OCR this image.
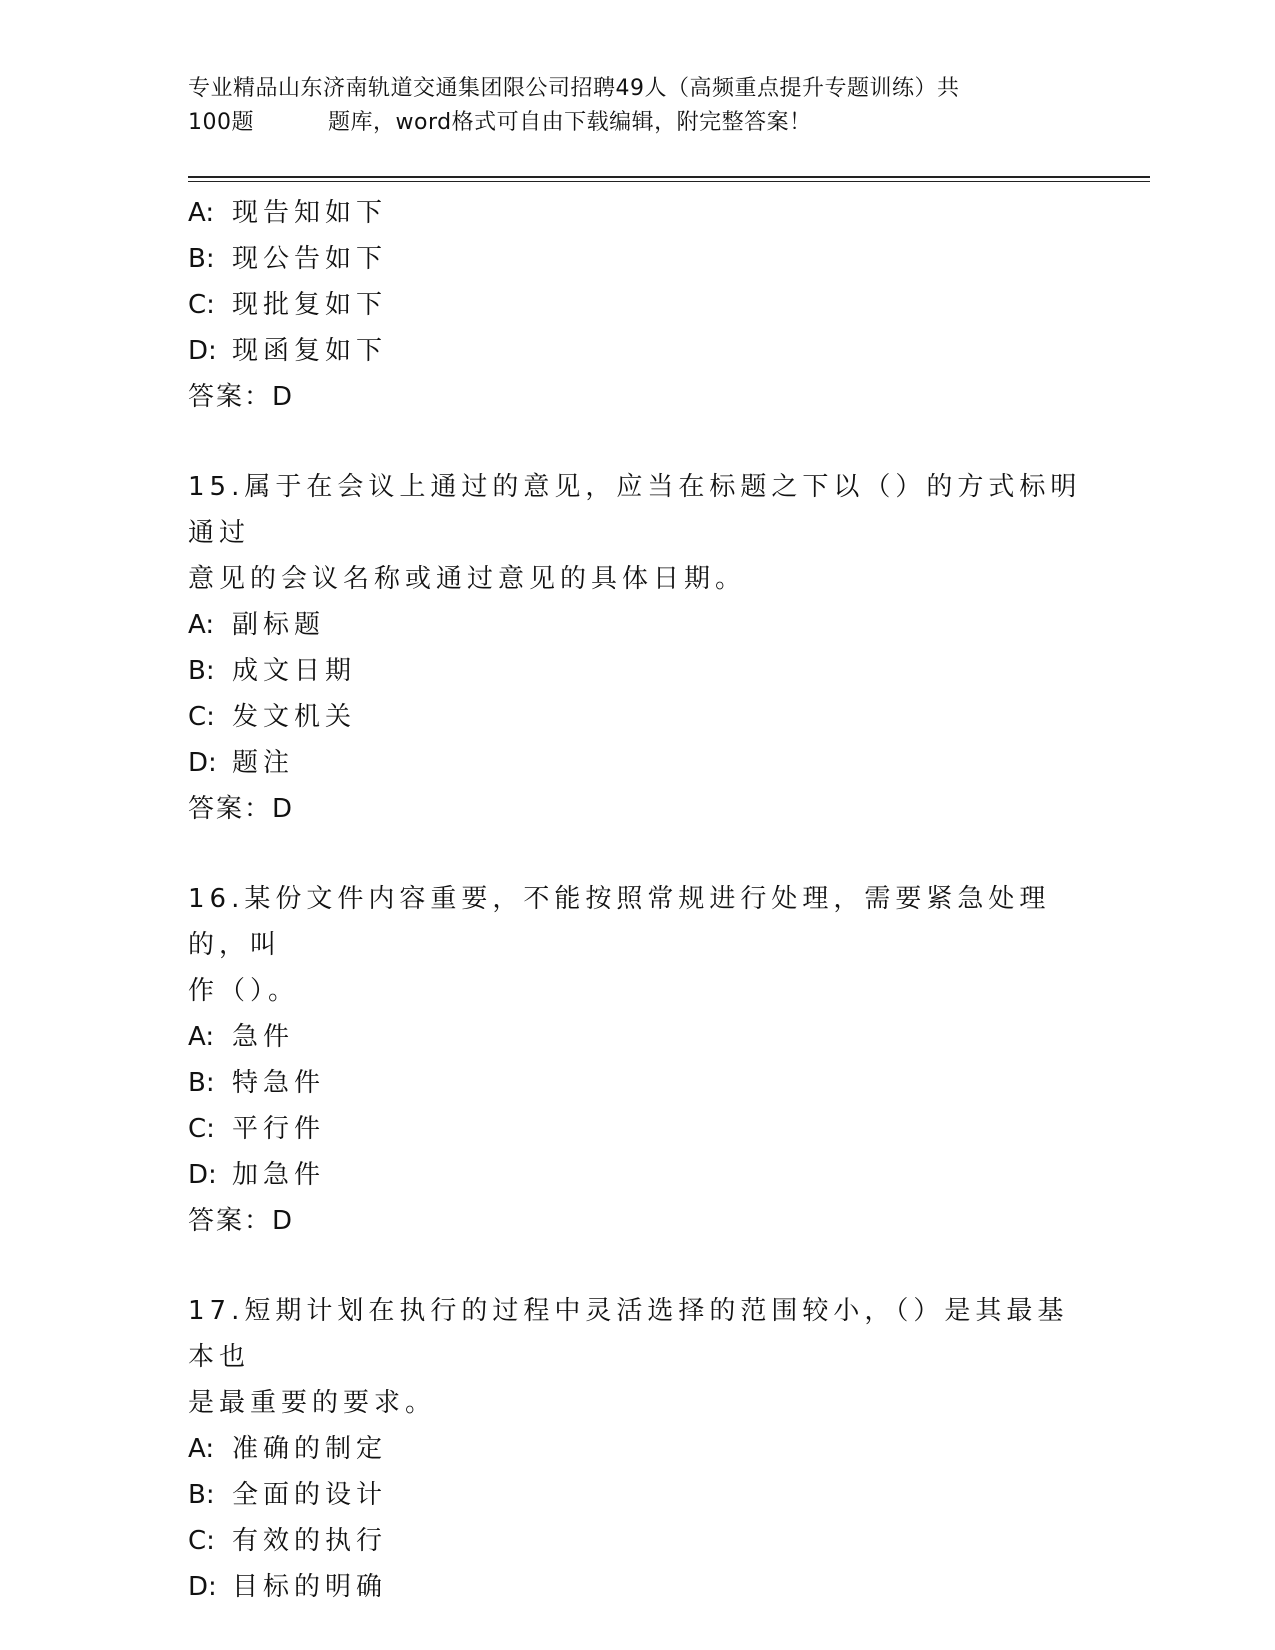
专业精品山东济南轨道交通集团限公司招聘49人（高频重点提升专题训练）共
100题	题库，word格式可自由下载编辑，附完整答案！
A: 现告知如下
B: 现公告如下
C: 现批复如下
D: 现函复如下
答案：D
15.属于在会议上通过的意见，应当在标题之下以（）的方式标明通过
意见的会议名称或通过意见的具体日期。
A: 副标题
B: 成文日期
C: 发文机关
D: 题注
答案：D
16.某份文件内容重要，不能按照常规进行处理，需要紧急处理的，叫
作（）。
A: 急件
B: 特急件
C: 平行件
D: 加急件
答案：D
17.短期计划在执行的过程中灵活选择的范围较小，（）是其最基本也
是最重要的要求。
A: 准确的制定
B: 全面的设计
C: 有效的执行
D: 目标的明确
